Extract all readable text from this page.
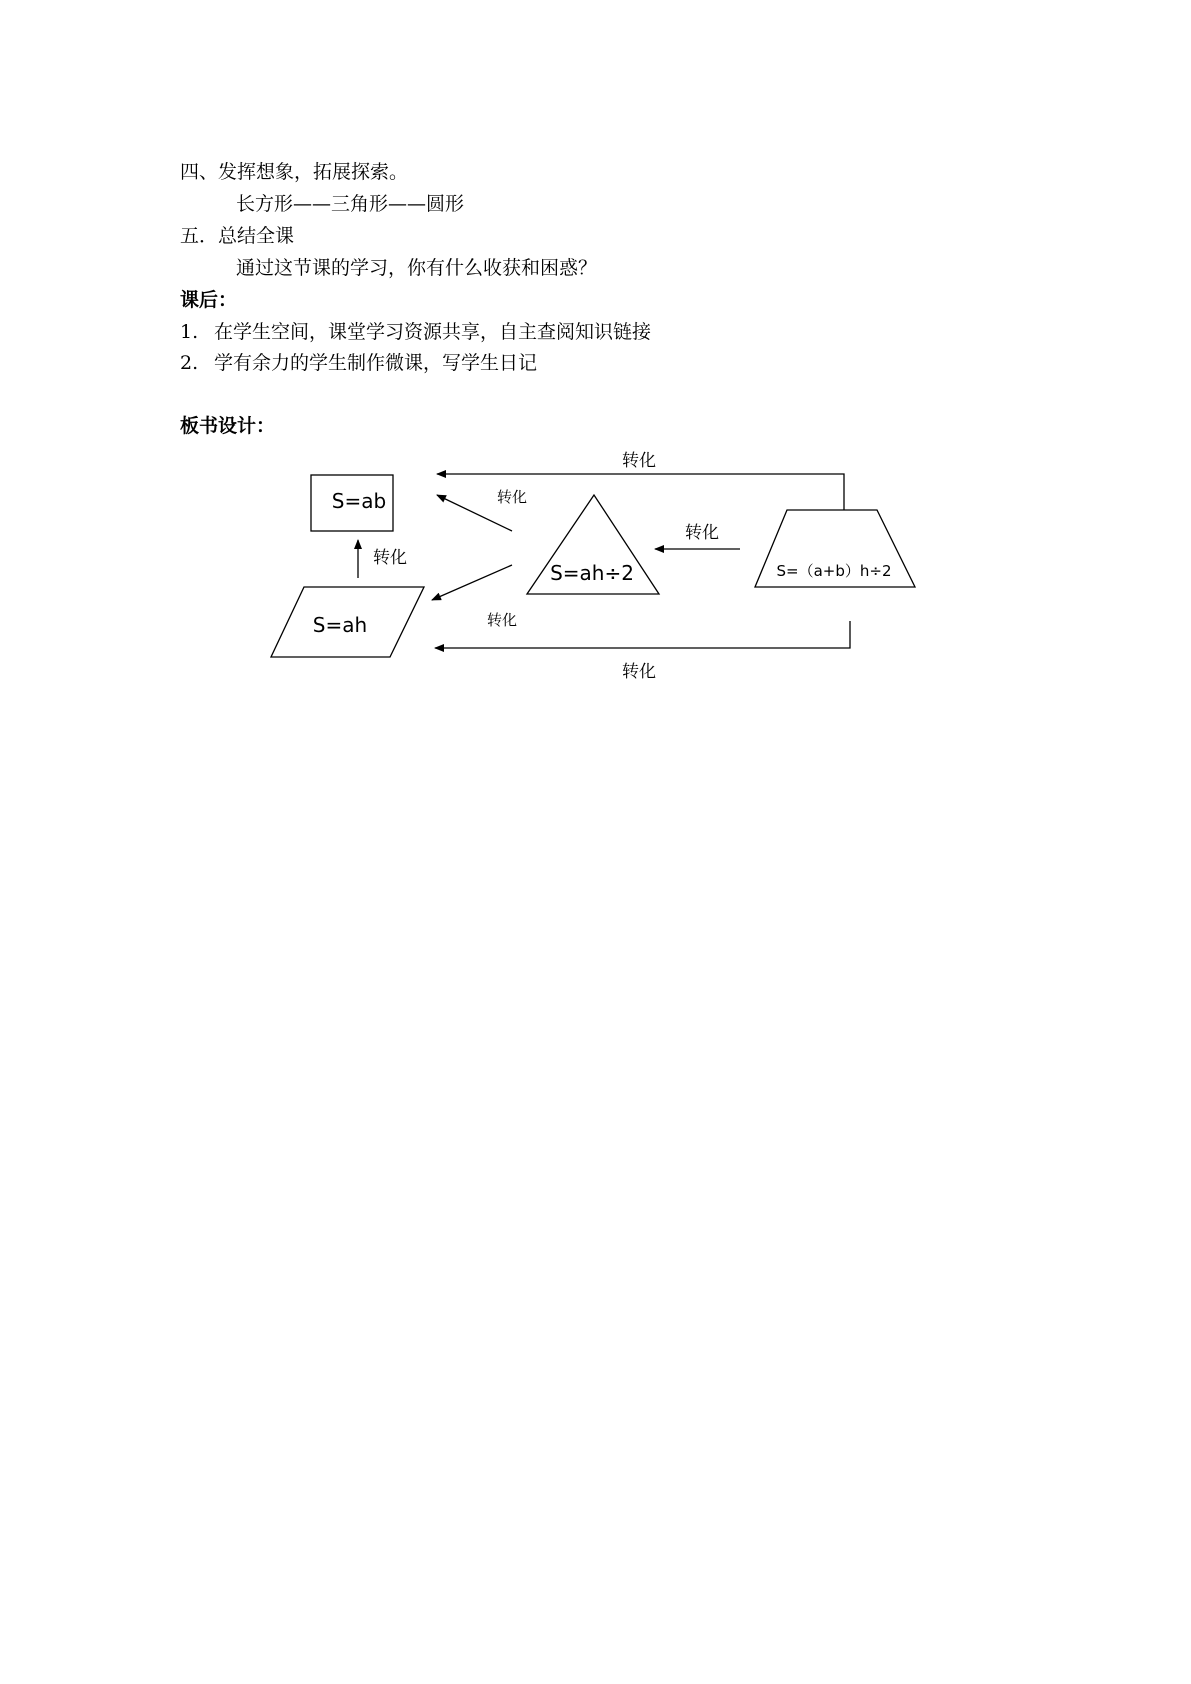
四、发挥想象，拓展探索。
长方形——三角形——圆形
五．总结全课
通过这节课的学习，你有什么收获和困惑？
课后：
1. 在学生空间，课堂学习资源共享，自主查阅知识链接
2. 学有余力的学生制作微课，写学生日记
板书设计：
S=ab
S=ah
S=ah÷2	S=（a+b）h÷2
转化
转化
转化
转化
转化
转化
